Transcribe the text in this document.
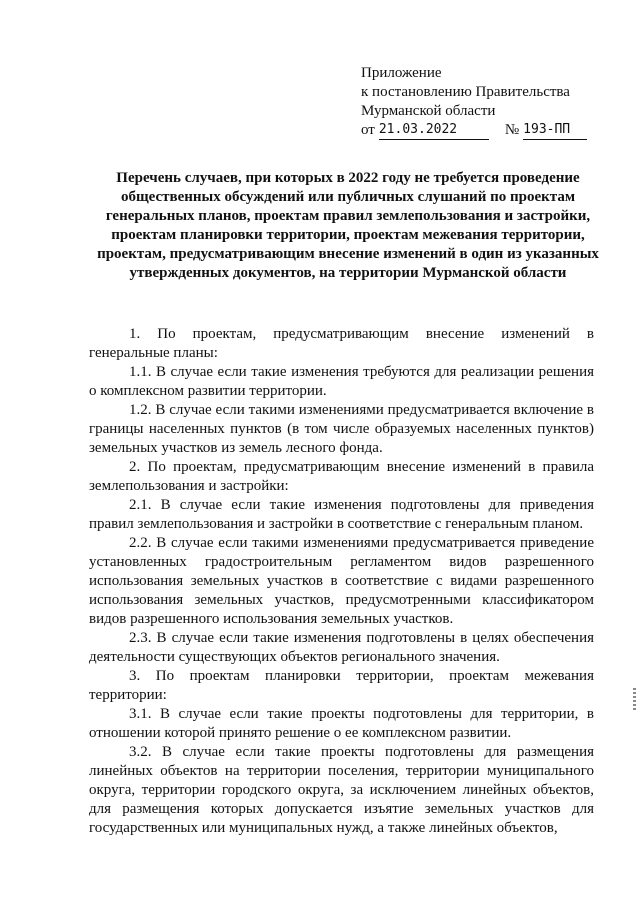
Приложение
к постановлению Правительства
Мурманской области
от 21.03.2022	№ 193-ПП
Перечень случаев, при которых в 2022 году не требуется проведение общественных обсуждений или публичных слушаний по проектам генеральных планов, проектам правил землепользования и застройки, проектам планировки территории, проектам межевания территории, проектам, предусматривающим внесение изменений в один из указанных утвержденных документов, на территории Мурманской области

1. По проектам, предусматривающим внесение изменений в генеральные планы:

1.1. В случае если такие изменения требуются для реализации решения о комплексном развитии территории.

1.2. В случае если такими изменениями предусматривается включение в границы населенных пунктов (в том числе образуемых населенных пунктов) земельных участков из земель лесного фонда.

2. По проектам, предусматривающим внесение изменений в правила землепользования и застройки:

2.1. В случае если такие изменения подготовлены для приведения правил землепользования и застройки в соответствие с генеральным планом.

2.2. В случае если такими изменениями предусматривается приведение установленных градостроительным регламентом видов разрешенного использования земельных участков в соответствие с видами разрешенного использования земельных участков, предусмотренными классификатором видов разрешенного использования земельных участков.

2.3. В случае если такие изменения подготовлены в целях обеспечения деятельности существующих объектов регионального значения.

3. По проектам планировки территории, проектам межевания территории:

3.1. В случае если такие проекты подготовлены для территории, в отношении которой принято решение о ее комплексном развитии.

3.2. В случае если такие проекты подготовлены для размещения линейных объектов на территории поселения, территории муниципального округа, территории городского округа, за исключением линейных объектов, для размещения которых допускается изъятие земельных участков для государственных или муниципальных нужд, а также линейных объектов,
